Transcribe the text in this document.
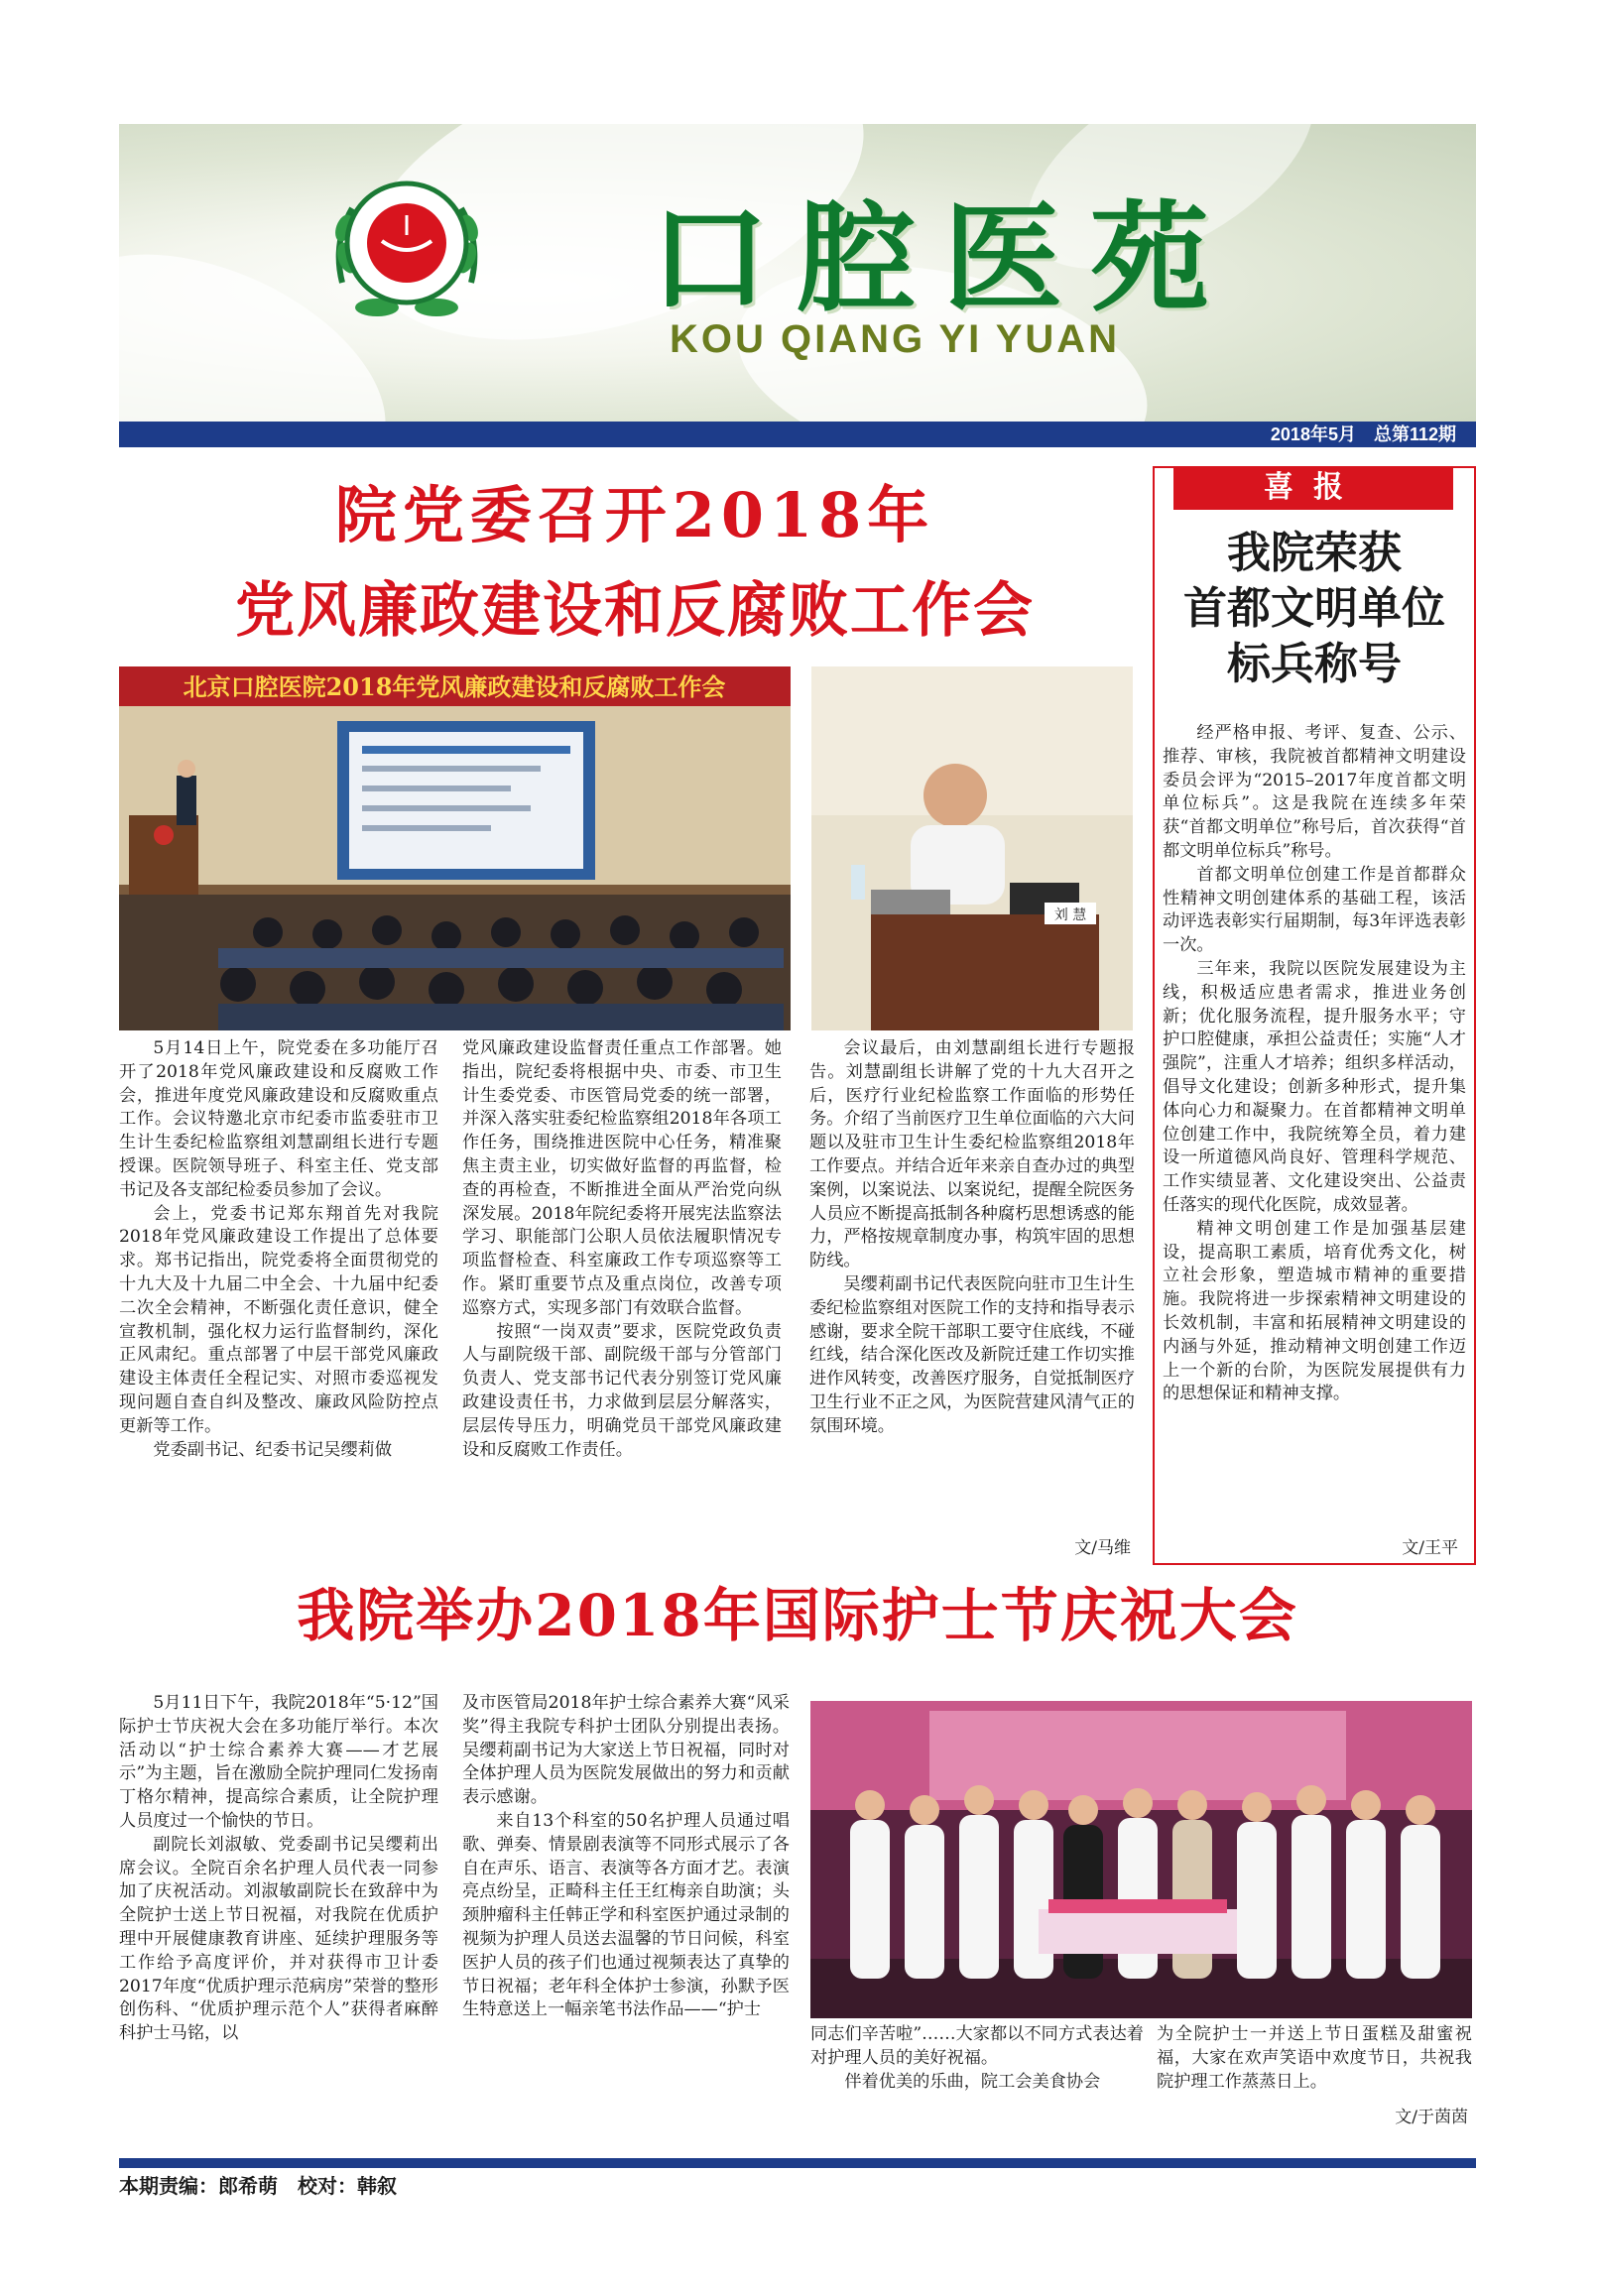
口腔医苑
KOU QIANG YI YUAN
2018年5月　总第112期
院党委召开2018年
党风廉政建设和反腐败工作会
北京口腔医院2018年党风廉政建设和反腐败工作会
刘 慧

5月14日上午，院党委在多功能厅召开了2018年党风廉政建设和反腐败工作会，推进年度党风廉政建设和反腐败重点工作。会议特邀北京市纪委市监委驻市卫生计生委纪检监察组刘慧副组长进行专题授课。医院领导班子、科室主任、党支部书记及各支部纪检委员参加了会议。

会上，党委书记郑东翔首先对我院2018年党风廉政建设工作提出了总体要求。郑书记指出，院党委将全面贯彻党的十九大及十九届二中全会、十九届中纪委二次全会精神，不断强化责任意识，健全宣教机制，强化权力运行监督制约，深化正风肃纪。重点部署了中层干部党风廉政建设主体责任全程记实、对照市委巡视发现问题自查自纠及整改、廉政风险防控点更新等工作。

党委副书记、纪委书记吴缨莉做

党风廉政建设监督责任重点工作部署。她指出，院纪委将根据中央、市委、市卫生计生委党委、市医管局党委的统一部署，并深入落实驻委纪检监察组2018年各项工作任务，围绕推进医院中心任务，精准聚焦主责主业，切实做好监督的再监督，检查的再检查，不断推进全面从严治党向纵深发展。2018年院纪委将开展宪法监察法学习、职能部门公职人员依法履职情况专项监督检查、科室廉政工作专项巡察等工作。紧盯重要节点及重点岗位，改善专项巡察方式，实现多部门有效联合监督。

按照“一岗双责”要求，医院党政负责人与副院级干部、副院级干部与分管部门负责人、党支部书记代表分别签订党风廉政建设责任书，力求做到层层分解落实，层层传导压力，明确党员干部党风廉政建设和反腐败工作责任。

会议最后，由刘慧副组长进行专题报告。刘慧副组长讲解了党的十九大召开之后，医疗行业纪检监察工作面临的形势任务。介绍了当前医疗卫生单位面临的六大问题以及驻市卫生计生委纪检监察组2018年工作要点。并结合近年来亲自查办过的典型案例，以案说法、以案说纪，提醒全院医务人员应不断提高抵制各种腐朽思想诱惑的能力，严格按规章制度办事，构筑牢固的思想防线。

吴缨莉副书记代表医院向驻市卫生计生委纪检监察组对医院工作的支持和指导表示感谢，要求全院干部职工要守住底线，不碰红线，结合深化医改及新院迁建工作切实推进作风转变，改善医疗服务，自觉抵制医疗卫生行业不正之风，为医院营建风清气正的氛围环境。

文/马维
喜报
我院荣获
首都文明单位
标兵称号

经严格申报、考评、复查、公示、推荐、审核，我院被首都精神文明建设委员会评为“2015–2017年度首都文明单位标兵”。这是我院在连续多年荣获“首都文明单位”称号后，首次获得“首都文明单位标兵”称号。

首都文明单位创建工作是首都群众性精神文明创建体系的基础工程，该活动评选表彰实行届期制，每3年评选表彰一次。

三年来，我院以医院发展建设为主线，积极适应患者需求，推进业务创新；优化服务流程，提升服务水平；守护口腔健康，承担公益责任；实施“人才强院”，注重人才培养；组织多样活动，倡导文化建设；创新多种形式，提升集体向心力和凝聚力。在首都精神文明单位创建工作中，我院统筹全员，着力建设一所道德风尚良好、管理科学规范、工作实绩显著、文化建设突出、公益责任落实的现代化医院，成效显著。

精神文明创建工作是加强基层建设，提高职工素质，培育优秀文化，树立社会形象，塑造城市精神的重要措施。我院将进一步探索精神文明建设的长效机制，丰富和拓展精神文明建设的内涵与外延，推动精神文明创建工作迈上一个新的台阶，为医院发展提供有力的思想保证和精神支撑。

文/王平
我院举办2018年国际护士节庆祝大会

5月11日下午，我院2018年“5·12”国际护士节庆祝大会在多功能厅举行。本次活动以“护士综合素养大赛——才艺展示”为主题，旨在激励全院护理同仁发扬南丁格尔精神，提高综合素质，让全院护理人员度过一个愉快的节日。

副院长刘淑敏、党委副书记吴缨莉出席会议。全院百余名护理人员代表一同参加了庆祝活动。刘淑敏副院长在致辞中为全院护士送上节日祝福，对我院在优质护理中开展健康教育讲座、延续护理服务等工作给予高度评价，并对获得市卫计委2017年度“优质护理示范病房”荣誉的整形创伤科、“优质护理示范个人”获得者麻醉科护士马铭，以

及市医管局2018年护士综合素养大赛“风采奖”得主我院专科护士团队分别提出表扬。吴缨莉副书记为大家送上节日祝福，同时对全体护理人员为医院发展做出的努力和贡献表示感谢。

来自13个科室的50名护理人员通过唱歌、弹奏、情景剧表演等不同形式展示了各自在声乐、语言、表演等各方面才艺。表演亮点纷呈，正畸科主任王红梅亲自助演；头颈肿瘤科主任韩正学和科室医护通过录制的视频为护理人员送去温馨的节日问候，科室医护人员的孩子们也通过视频表达了真挚的节日祝福；老年科全体护士参演，孙默予医生特意送上一幅亲笔书法作品——“护士

同志们辛苦啦”……大家都以不同方式表达着对护理人员的美好祝福。

伴着优美的乐曲，院工会美食协会

为全院护士一并送上节日蛋糕及甜蜜祝福，大家在欢声笑语中欢度节日，共祝我院护理工作蒸蒸日上。

文/于茵茵
本期责编：郎希萌　校对：韩叙
